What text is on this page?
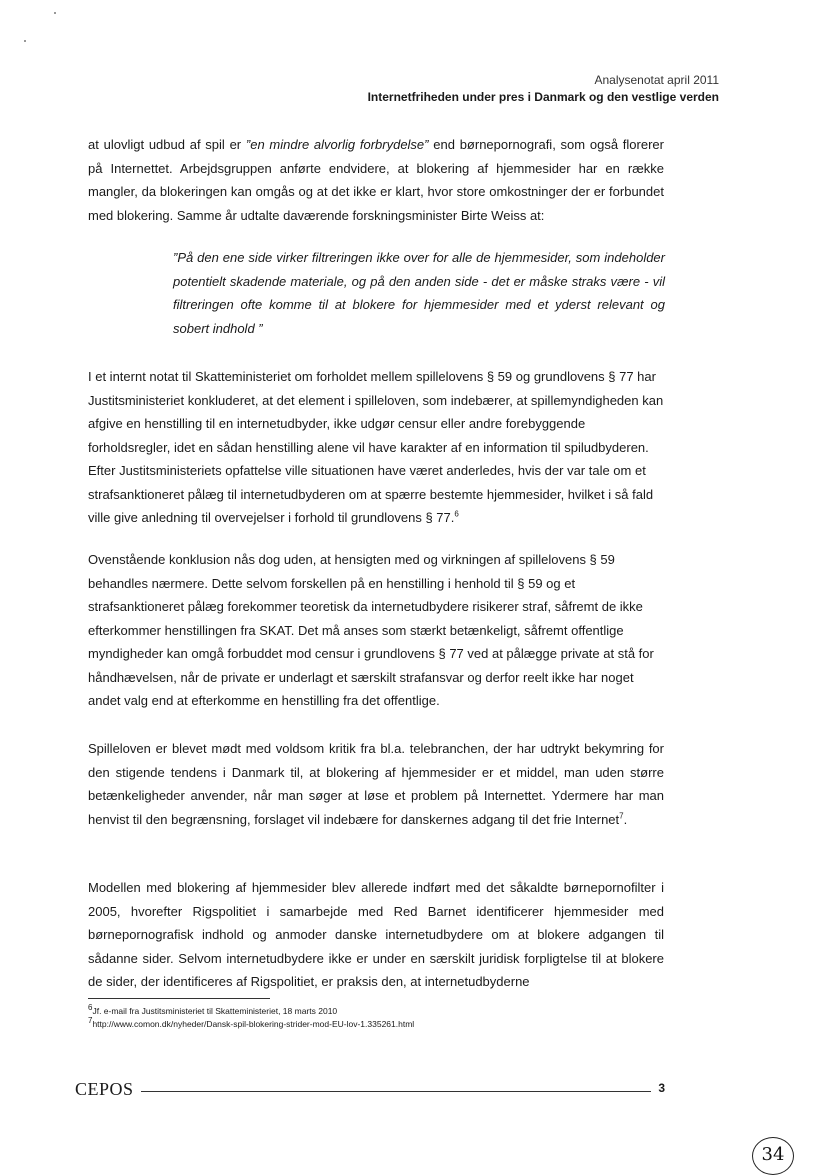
Analysenotat april 2011
Internetfriheden under pres i Danmark og den vestlige verden
at ulovligt udbud af spil er ”en mindre alvorlig forbrydelse” end børnepornografi, som også florerer på Internettet. Arbejdsgruppen anførte endvidere, at blokering af hjemmesider har en række mangler, da blokeringen kan omgås og at det ikke er klart, hvor store omkostninger der er forbundet med blokering. Samme år udtalte daværende forskningsminister Birte Weiss at:
”På den ene side virker filtreringen ikke over for alle de hjemmesider, som indeholder potentielt skadende materiale, og på den anden side - det er måske straks være - vil filtreringen ofte komme til at blokere for hjemmesider med et yderst relevant og sobert indhold ”
I et internt notat til Skatteministeriet om forholdet mellem spillelovens § 59 og grundlovens § 77 har Justitsministeriet konkluderet, at det element i spilleloven, som indebærer, at spillemyndigheden kan afgive en henstilling til en internetudbyder, ikke udgør censur eller andre forebyggende forholdsregler, idet en sådan henstilling alene vil have karakter af en information til spiludbyderen. Efter Justitsministeriets opfattelse ville situationen have været anderledes, hvis der var tale om et strafsanktioneret pålæg til internetudbyderen om at spærre bestemte hjemmesider, hvilket i så fald ville give anledning til overvejelser i forhold til grundlovens § 77.$^6$
Ovenstående konklusion nås dog uden, at hensigten med og virkningen af spillelovens § 59 behandles nærmere. Dette selvom forskellen på en henstilling i henhold til § 59 og et strafsanktioneret pålæg forekommer teoretisk da internetudbydere risikerer straf, såfremt de ikke efterkommer henstillingen fra SKAT. Det må anses som stærkt betænkeligt, såfremt offentlige myndigheder kan omgå forbuddet mod censur i grundlovens § 77 ved at pålægge private at stå for håndhævelsen, når de private er underlagt et særskilt strafansvar og derfor reelt ikke har noget andet valg end at efterkomme en henstilling fra det offentlige.
Spilleloven er blevet mødt med voldsom kritik fra bl.a. telebranchen, der har udtrykt bekymring for den stigende tendens i Danmark til, at blokering af hjemmesider er et middel, man uden større betænkeligheder anvender, når man søger at løse et problem på Internettet. Ydermere har man henvist til den begrænsning, forslaget vil indebære for danskernes adgang til det frie Internet$^7$.
Modellen med blokering af hjemmesider blev allerede indført med det såkaldte børnepornofilter i 2005, hvorefter Rigspolitiet i samarbejde med Red Barnet identificerer hjemmesider med børnepornografisk indhold og anmoder danske internetudbydere om at blokere adgangen til sådanne sider. Selvom internetudbydere ikke er under en særskilt juridisk forpligtelse til at blokere de sider, der identificeres af Rigspolitiet, er praksis den, at internetudbyderne
$^6$Jf. e-mail fra Justitsministeriet til Skatteministeriet, 18 marts 2010
$^7$http://www.comon.dk/nyheder/Dansk-spil-blokering-strider-mod-EU-lov-1.335261.html
CEPOS	3
34
